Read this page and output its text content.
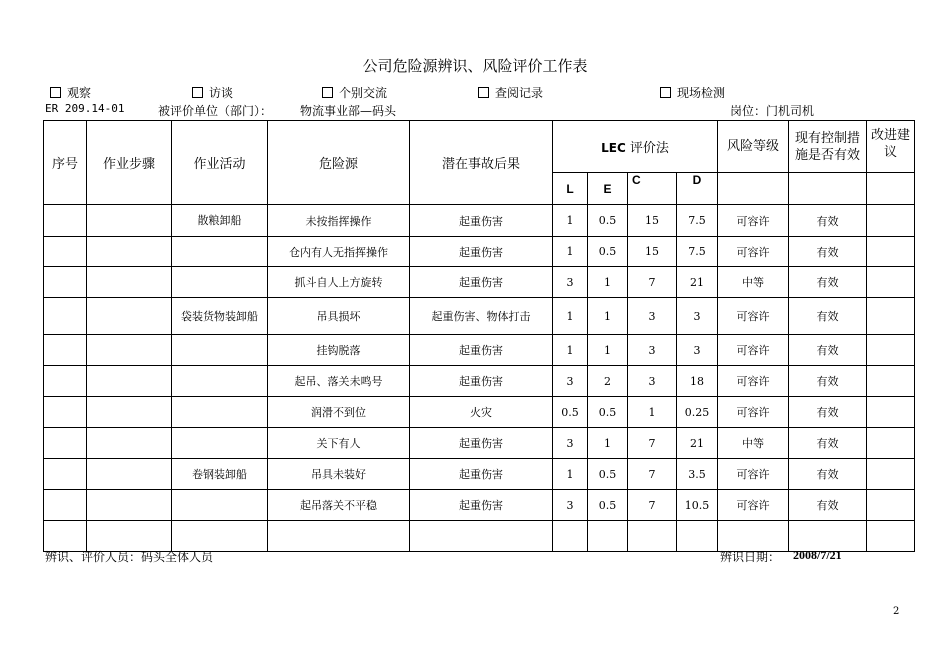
公司危险源辨识、风险评价工作表
观察	访谈	个别交流	查阅记录	现场检测
ER 209.14-01	被评价单位（部门）： 物流事业部—码头	岗位：门机司机
序号	作业步骤	作业活动	危险源	潜在事故后果	LEC 评价法				风险等级	现有控制措施是否有效	改进建议
					L	E	C	D			
		散粮卸船	未按指挥操作	起重伤害	1	0.5	15	7.5	可容许	有效	
			仓内有人无指挥操作	起重伤害	1	0.5	15	7.5	可容许	有效	
			抓斗自人上方旋转	起重伤害	3	1	7	21	中等	有效	
		袋装货物装卸船	吊具损坏	起重伤害、物体打击	1	1	3	3	可容许	有效	
			挂钩脱落	起重伤害	1	1	3	3	可容许	有效	
			起吊、落关未鸣号	起重伤害	3	2	3	18	可容许	有效	
			润滑不到位	火灾	0.5	0.5	1	0.25	可容许	有效	
			关下有人	起重伤害	3	1	7	21	中等	有效	
		卷钢装卸船	吊具未装好	起重伤害	1	0.5	7	3.5	可容许	有效	
			起吊落关不平稳	起重伤害	3	0.5	7	10.5	可容许	有效	

辨识、评价人员：码头全体人员	辨识日期： 2008/7/21
2
